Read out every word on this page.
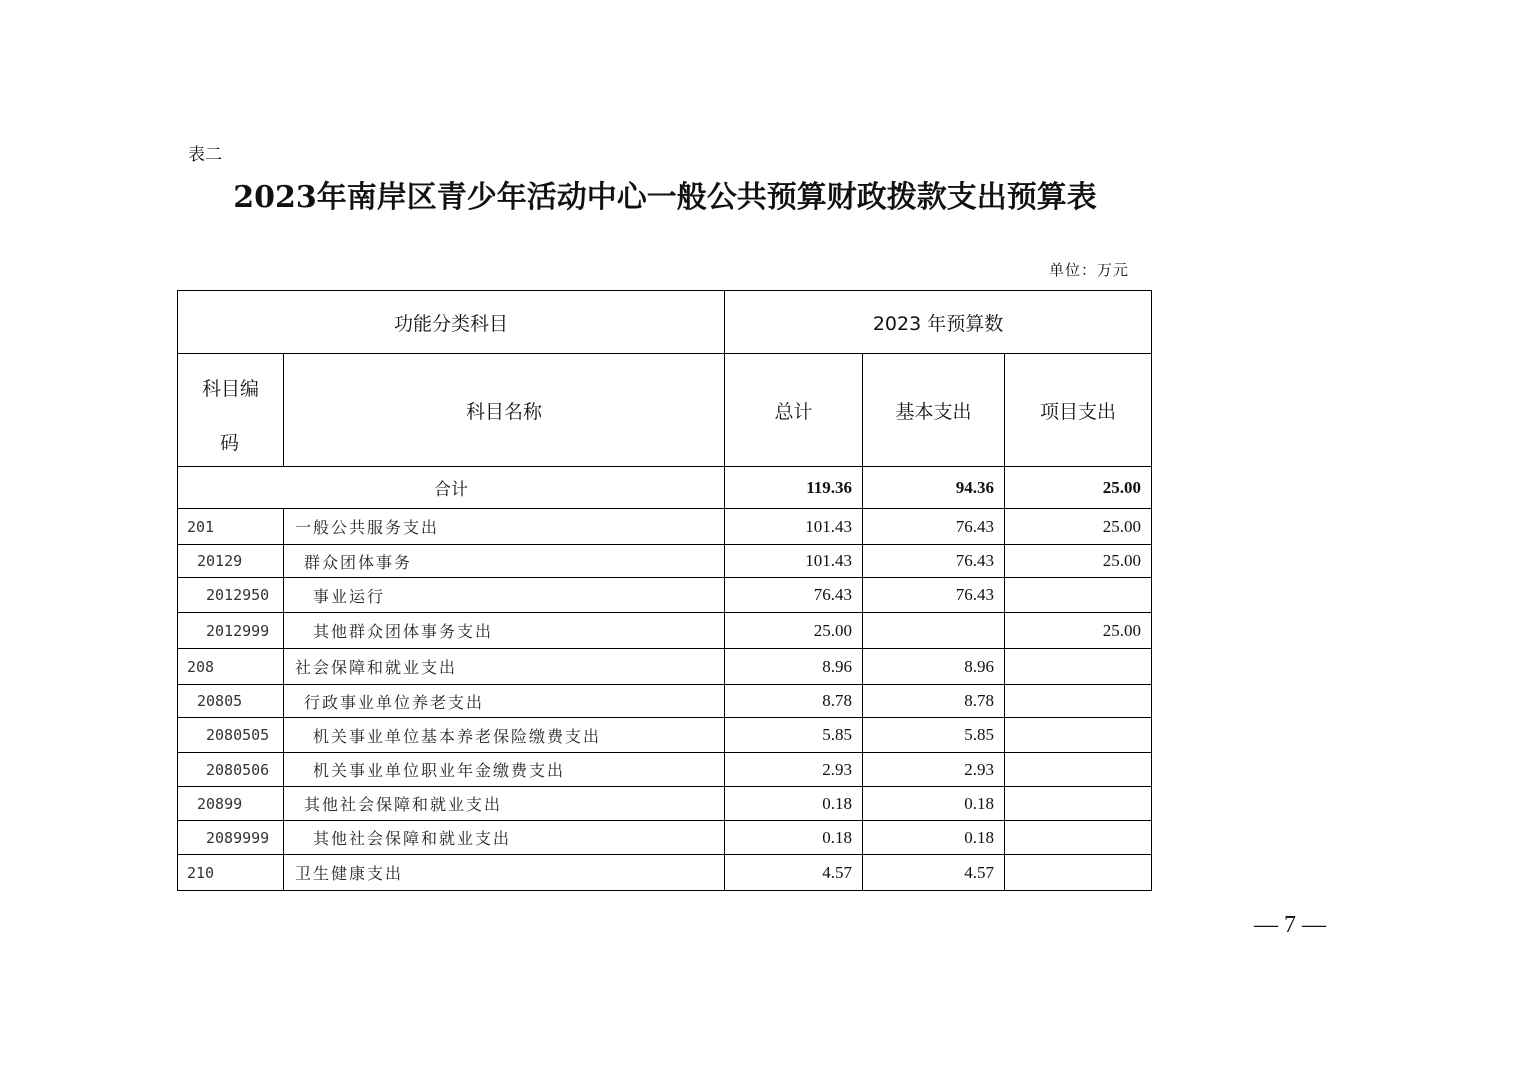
表二
2023年南岸区青少年活动中心一般公共预算财政拨款支出预算表
单位：万元
功能分类科目		2023 年预算数		

科目编
码	科目名称	总计	基本支出	项目支出
合计		119.36	94.36	25.00
201	一般公共服务支出	101.43	76.43	25.00
20129	群众团体事务	101.43	76.43	25.00
2012950	事业运行	76.43	76.43	
2012999	其他群众团体事务支出	25.00		25.00
208	社会保障和就业支出	8.96	8.96	
20805	行政事业单位养老支出	8.78	8.78	
2080505	机关事业单位基本养老保险缴费支出	5.85	5.85	
2080506	机关事业单位职业年金缴费支出	2.93	2.93	
20899	其他社会保障和就业支出	0.18	0.18	
2089999	其他社会保障和就业支出	0.18	0.18	
210	卫生健康支出	4.57	4.57	
— 7 —
